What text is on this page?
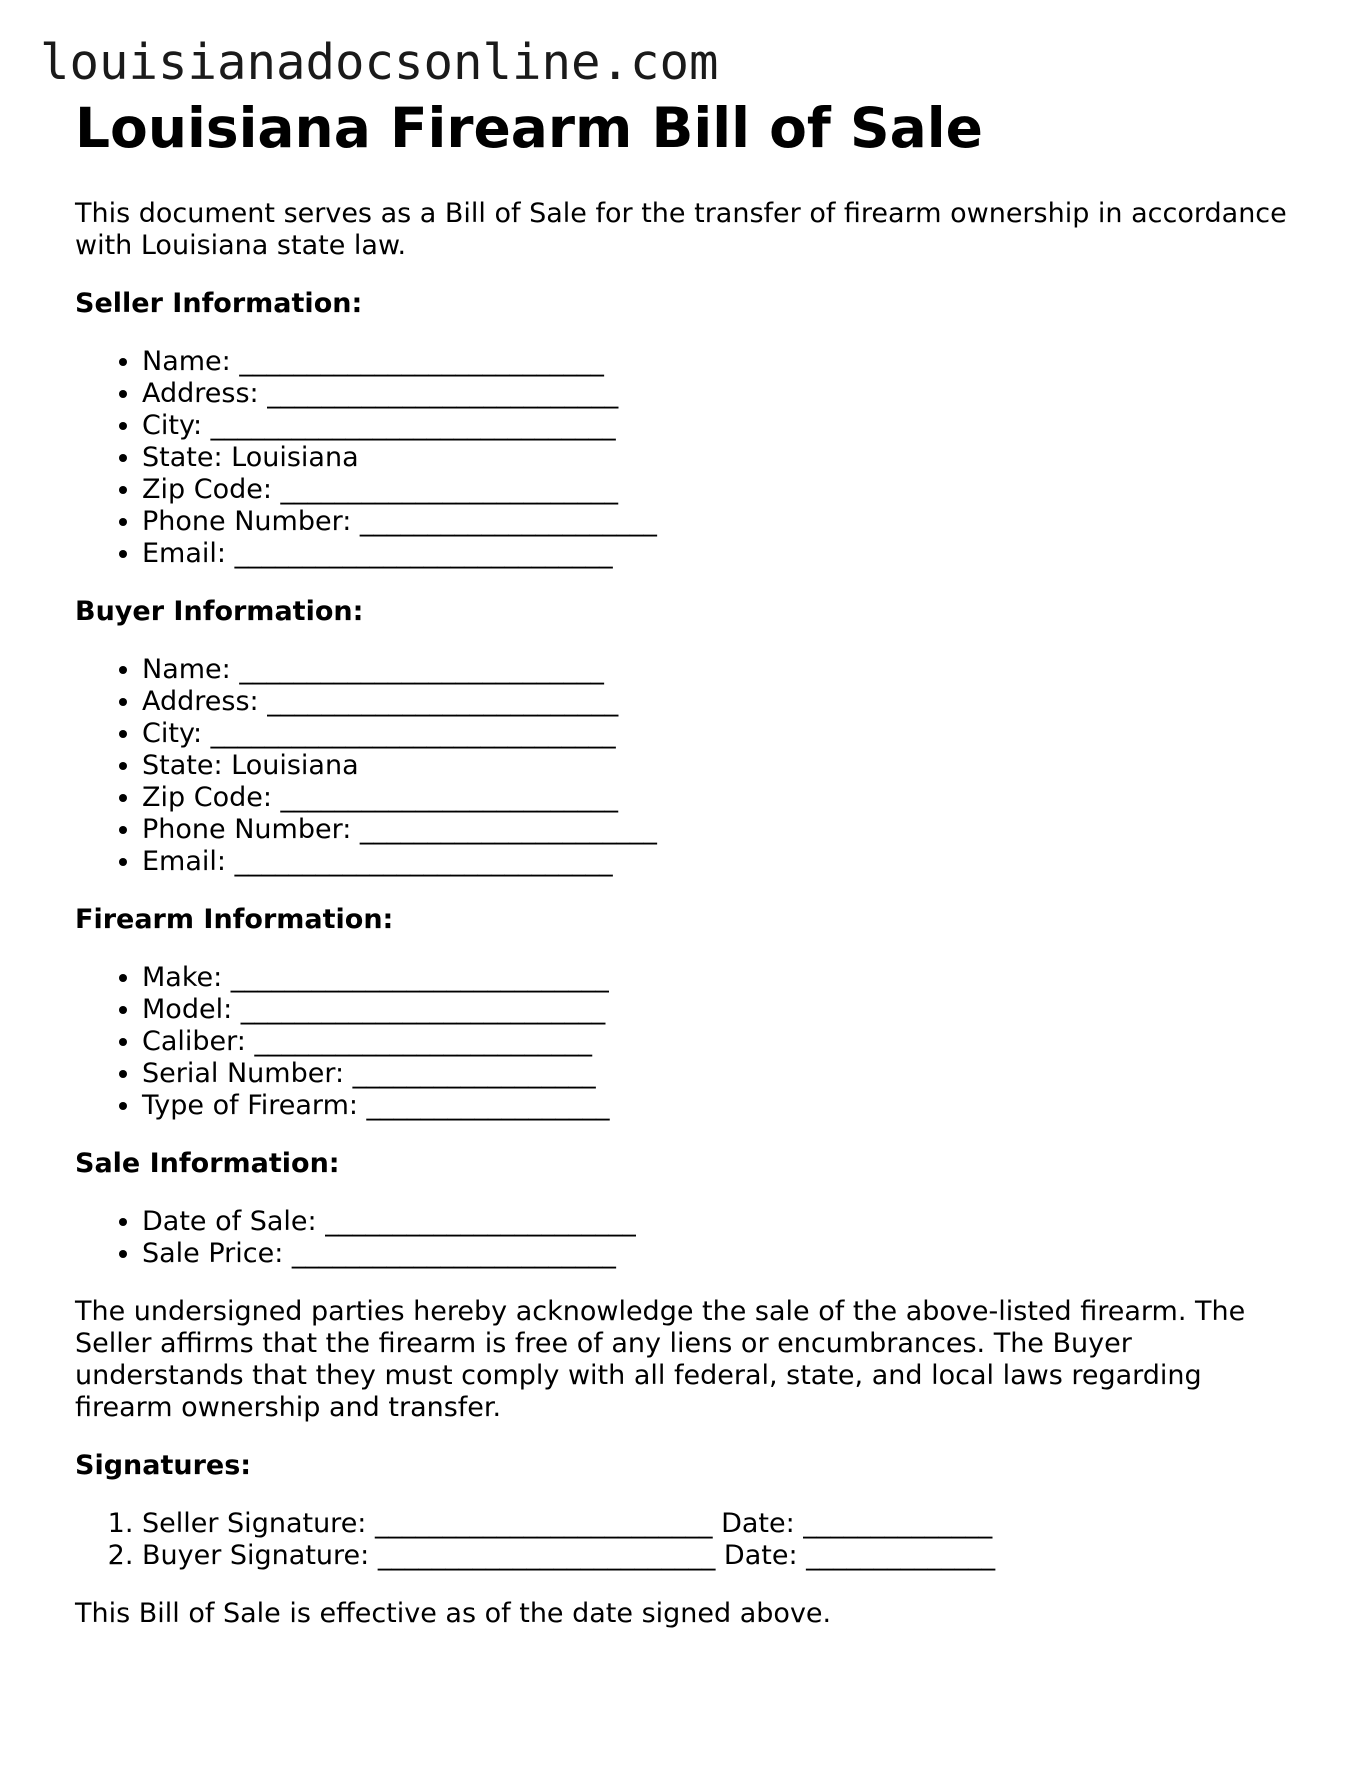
louisianadocsonline.com
Louisiana Firearm Bill of Sale

This document serves as a Bill of Sale for the transfer of firearm ownership in accordance with Louisiana state law.

Seller Information:
• Name: ___________________________
• Address: __________________________
• City: ______________________________
• State: Louisiana
• Zip Code: _________________________
• Phone Number: ______________________
• Email: ____________________________
Buyer Information:
• Name: ___________________________
• Address: __________________________
• City: ______________________________
• State: Louisiana
• Zip Code: _________________________
• Phone Number: ______________________
• Email: ____________________________
Firearm Information:
• Make: ____________________________
• Model: ___________________________
• Caliber: _________________________
• Serial Number: __________________
• Type of Firearm: __________________
Sale Information:
• Date of Sale: _______________________
• Sale Price: ________________________

The undersigned parties hereby acknowledge the sale of the above-listed firearm. The Seller affirms that the firearm is free of any liens or encumbrances. The Buyer understands that they must comply with all federal, state, and local laws regarding firearm ownership and transfer.

Signatures:
1. Seller Signature: _________________________ Date: ______________
2. Buyer Signature: _________________________ Date: ______________

This Bill of Sale is effective as of the date signed above.
